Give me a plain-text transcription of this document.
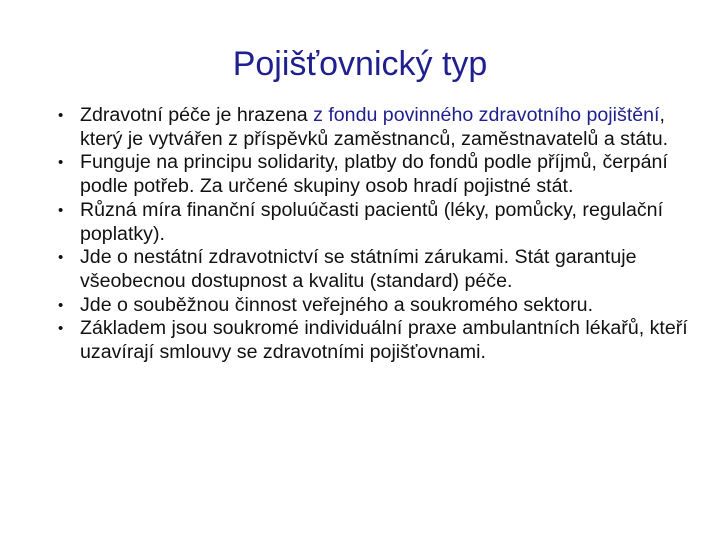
Pojišťovnický typ
• Zdravotní péče je hrazena z fondu povinného zdravotního pojištění, který je vytvářen z příspěvků zaměstnanců, zaměstnavatelů a státu.
• Funguje na principu solidarity, platby do fondů podle příjmů, čerpání podle potřeb. Za určené skupiny osob hradí pojistné stát.
• Různá míra finanční spoluúčasti pacientů (léky, pomůcky, regulační poplatky).
• Jde o nestátní zdravotnictví se státními zárukami. Stát garantuje všeobecnou dostupnost a kvalitu (standard) péče.
• Jde o souběžnou činnost veřejného a soukromého sektoru.
• Základem jsou soukromé individuální praxe ambulantních lékařů, kteří uzavírají smlouvy se zdravotními pojišťovnami.
